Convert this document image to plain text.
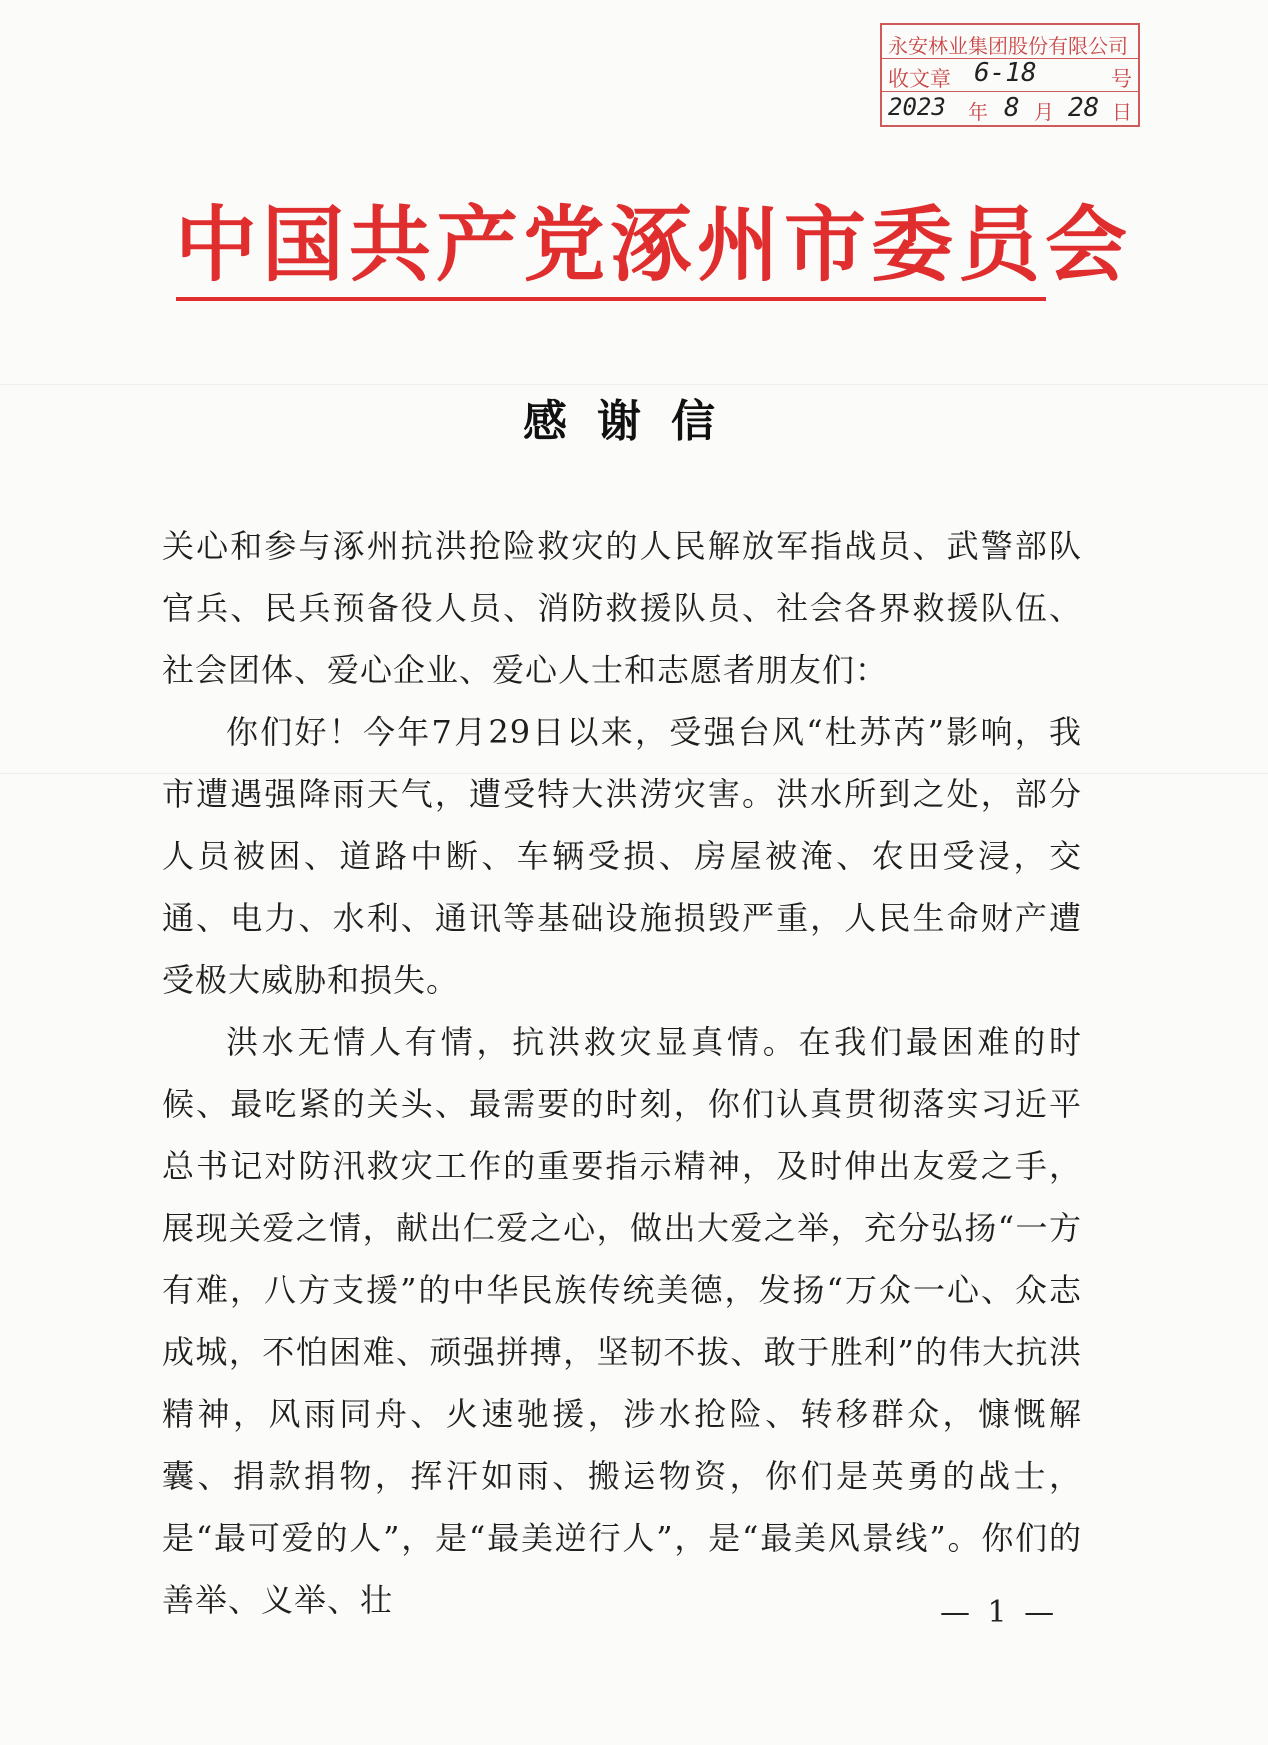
永安林业集团股份有限公司
收文章 6-18	号
2023 年 8 月 28 日
中国共产党涿州市委员会
感谢信

关心和参与涿州抗洪抢险救灾的人民解放军指战员、武警部队官兵、民兵预备役人员、消防救援队员、社会各界救援队伍、社会团体、爱心企业、爱心人士和志愿者朋友们：

你们好！今年7月29日以来，受强台风“杜苏芮”影响，我市遭遇强降雨天气，遭受特大洪涝灾害。洪水所到之处，部分人员被困、道路中断、车辆受损、房屋被淹、农田受浸，交通、电力、水利、通讯等基础设施损毁严重，人民生命财产遭受极大威胁和损失。

洪水无情人有情，抗洪救灾显真情。在我们最困难的时候、最吃紧的关头、最需要的时刻，你们认真贯彻落实习近平总书记对防汛救灾工作的重要指示精神，及时伸出友爱之手，展现关爱之情，献出仁爱之心，做出大爱之举，充分弘扬“一方有难，八方支援”的中华民族传统美德，发扬“万众一心、众志成城，不怕困难、顽强拼搏，坚韧不拔、敢于胜利”的伟大抗洪精神，风雨同舟、火速驰援，涉水抢险、转移群众，慷慨解囊、捐款捐物，挥汗如雨、搬运物资，你们是英勇的战士，是“最可爱的人”，是“最美逆行人”，是“最美风景线”。你们的善举、义举、壮	— 1 —
